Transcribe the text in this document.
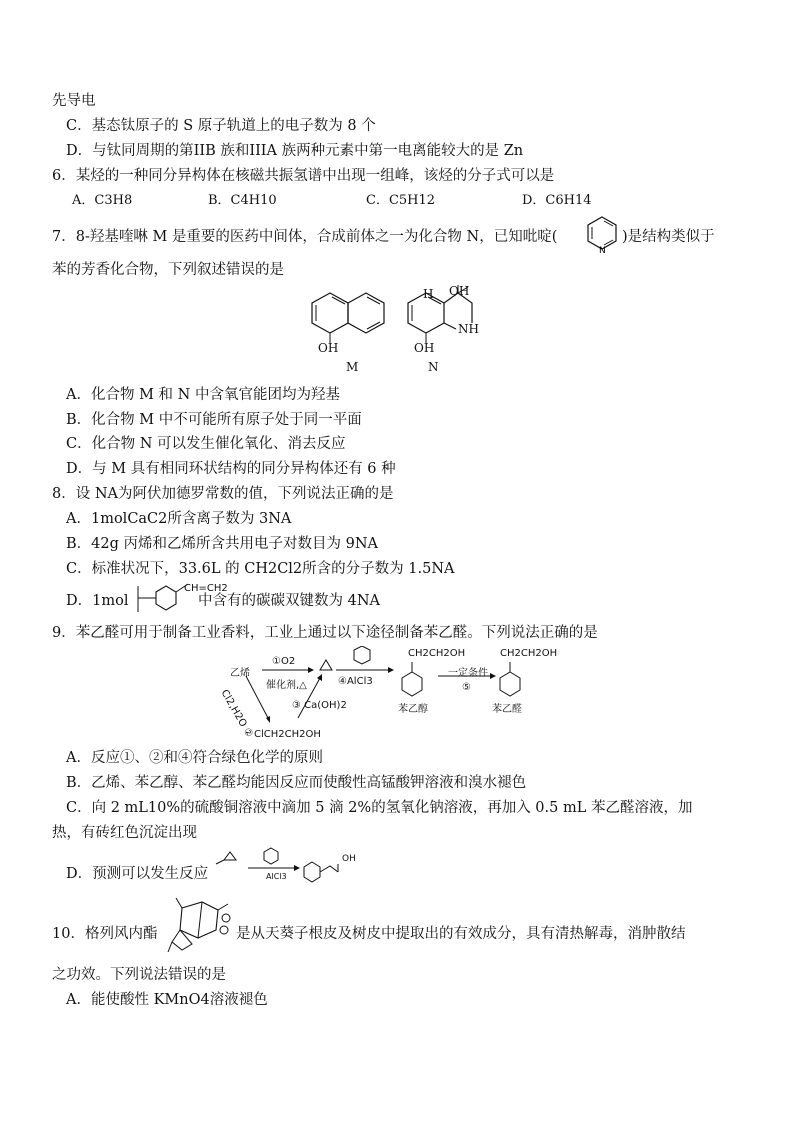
先导电
C．基态钛原子的 S 原子轨道上的电子数为 8 个
D．与钛同周期的第IIB 族和IIIA 族两种元素中第一电离能较大的是 Zn
6．某烃的一种同分异构体在核磁共振氢谱中出现一组峰，该烃的分子式可以是
A．C3H8	B．C4H10	C．C5H12	D．C6H14
7．8-羟基喹啉 M 是重要的医药中间体，合成前体之一为化合物 N，已知吡啶(
N
)是结构类似于
苯的芳香化合物，下列叙述错误的是
OH
M
H OH
NH
OH
N
A．化合物 M 和 N 中含氧官能团均为羟基
B．化合物 M 中不可能所有原子处于同一平面
C．化合物 N 可以发生催化氧化、消去反应
D．与 M 具有相同环状结构的同分异构体还有 6 种
8．设 NA为阿伏加德罗常数的值，下列说法正确的是
A．1molCaC2所含离子数为 3NA
B．42g 丙烯和乙烯所含共用电子对数目为 9NA
C．标准状况下，33.6L 的 CH2Cl2所含的分子数为 1.5NA
D．1mol
CH=CH2
中含有的碳碳双键数为 4NA
9．苯乙醛可用于制备工业香料，工业上通过以下途径制备苯乙醛。下列说法正确的是
乙烯
①O2
催化剂,△
Cl2,H2O ②	③ Ca(OH)2
ClCH2CH2OH
④AlCl3
CH2CH2OH
一定条件
⑤
CH2CH2OH
苯乙醇	苯乙醛
A．反应①、②和④符合绿色化学的原则
B．乙烯、苯乙醇、苯乙醛均能因反应而使酸性高锰酸钾溶液和溴水褪色
C．向 2 mL10%的硫酸铜溶液中滴加 5 滴 2%的氢氧化钠溶液，再加入 0.5 mL 苯乙醛溶液，加
热，有砖红色沉淀出现
D．预测可以发生反应	AlCl3
OH
10．格列风内酯	是从天葵子根皮及树皮中提取出的有效成分，具有清热解毒，消肿散结
之功效。下列说法错误的是
A．能使酸性 KMnO4溶液褪色
